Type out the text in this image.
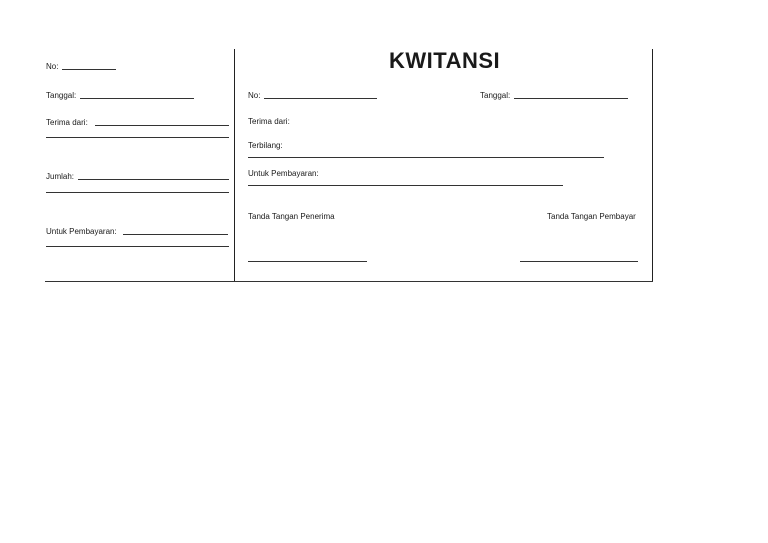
No:
Tanggal:
Terima dari:
Jumlah:
Untuk Pembayaran:
KWITANSI
No:	Tanggal:
Terima dari:
Terbilang:
Untuk Pembayaran:
Tanda Tangan Penerima	Tanda Tangan Pembayar
